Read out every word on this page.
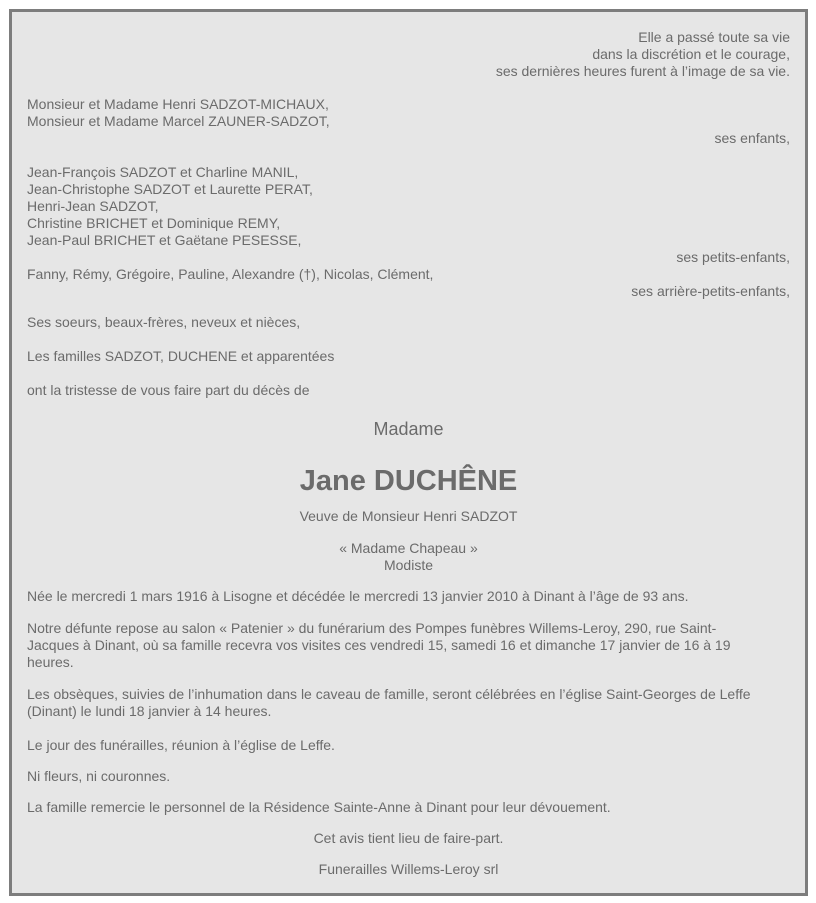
Elle a passé toute sa vie
dans la discrétion et le courage,
ses dernières heures furent à l’image de sa vie.
Monsieur et Madame Henri SADZOT-MICHAUX,
Monsieur et Madame Marcel ZAUNER-SADZOT,
ses enfants,
Jean-François SADZOT et Charline MANIL,
Jean-Christophe SADZOT et Laurette PERAT,
Henri-Jean SADZOT,
Christine BRICHET et Dominique REMY,
Jean-Paul BRICHET et Gaëtane PESESSE,
ses petits-enfants,
Fanny, Rémy, Grégoire, Pauline, Alexandre (†), Nicolas, Clément,
ses arrière-petits-enfants,

Ses soeurs, beaux-frères, neveux et nièces,

Les familles SADZOT, DUCHENE et apparentées

ont la tristesse de vous faire part du décès de

Madame
Jane DUCHÊNE
Veuve de Monsieur Henri SADZOT
« Madame Chapeau »
Modiste

Née le mercredi 1 mars 1916 à Lisogne et décédée le mercredi 13 janvier 2010 à Dinant à l’âge de 93 ans.

Notre défunte repose au salon « Patenier » du funérarium des Pompes funèbres Willems-Leroy, 290, rue Saint-
Jacques à Dinant, où sa famille recevra vos visites ces vendredi 15, samedi 16 et dimanche 17 janvier de 16 à 19
heures.
Les obsèques, suivies de l’inhumation dans le caveau de famille, seront célébrées en l’église Saint-Georges de Leffe
(Dinant) le lundi 18 janvier à 14 heures.

Le jour des funérailles, réunion à l’église de Leffe.

Ni fleurs, ni couronnes.

La famille remercie le personnel de la Résidence Sainte-Anne à Dinant pour leur dévouement.

Cet avis tient lieu de faire-part.
Funerailles Willems-Leroy srl
